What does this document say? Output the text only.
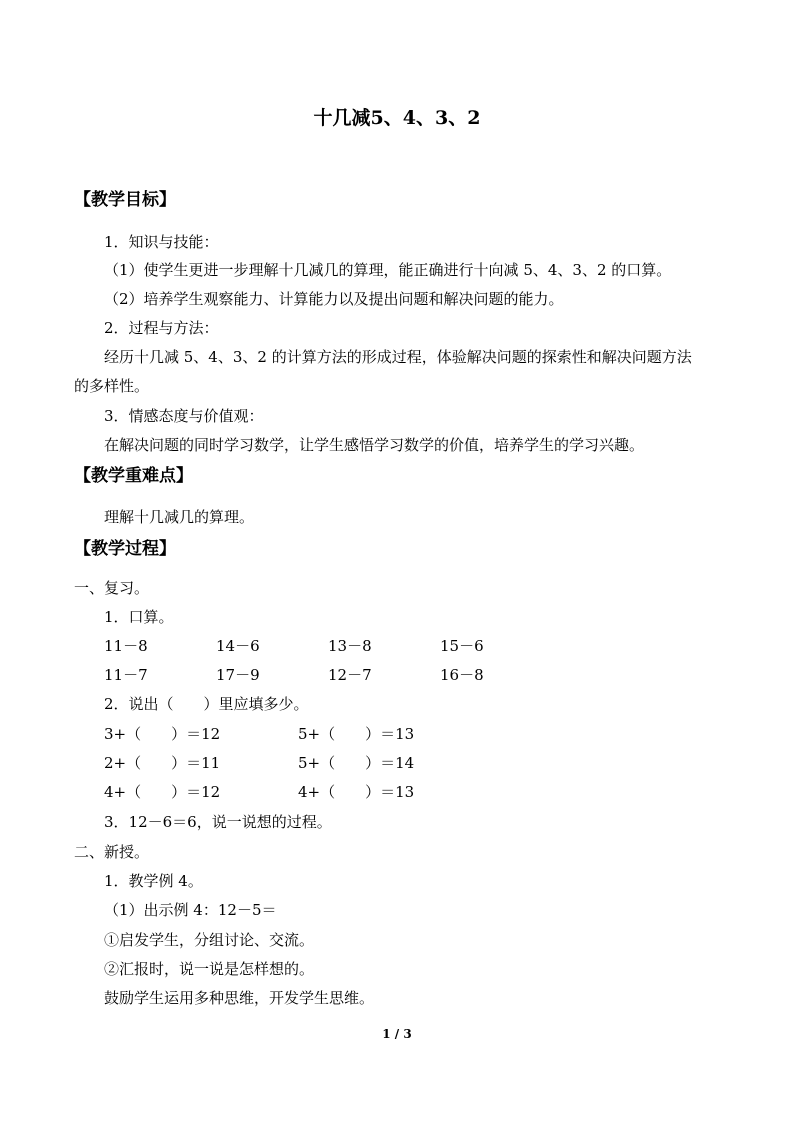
十几减5、4、3、2
【教学目标】
1．知识与技能：
（1）使学生更进一步理解十几减几的算理，能正确进行十向减 5、4、3、2 的口算。
（2）培养学生观察能力、计算能力以及提出问题和解决问题的能力。
2．过程与方法：
经历十几减 5、4、3、2 的计算方法的形成过程，体验解决问题的探索性和解决问题方法
的多样性。
3．情感态度与价值观：
在解决问题的同时学习数学，让学生感悟学习数学的价值，培养学生的学习兴趣。
【教学重难点】
理解十几减几的算理。
【教学过程】
一、复习。
1．口算。
11－8	14－6	13－8	15－6
11－7	17－9	12－7	16－8
2．说出（　　）里应填多少。
3+（　　）＝12	5+（　　）＝13
2+（　　）＝11	5+（　　）＝14
4+（　　）＝12	4+（　　）＝13
3．12－6＝6，说一说想的过程。
二、新授。
1．教学例 4。
（1）出示例 4：12－5＝
①启发学生，分组讨论、交流。
②汇报时，说一说是怎样想的。
鼓励学生运用多种思维，开发学生思维。
1 / 3
